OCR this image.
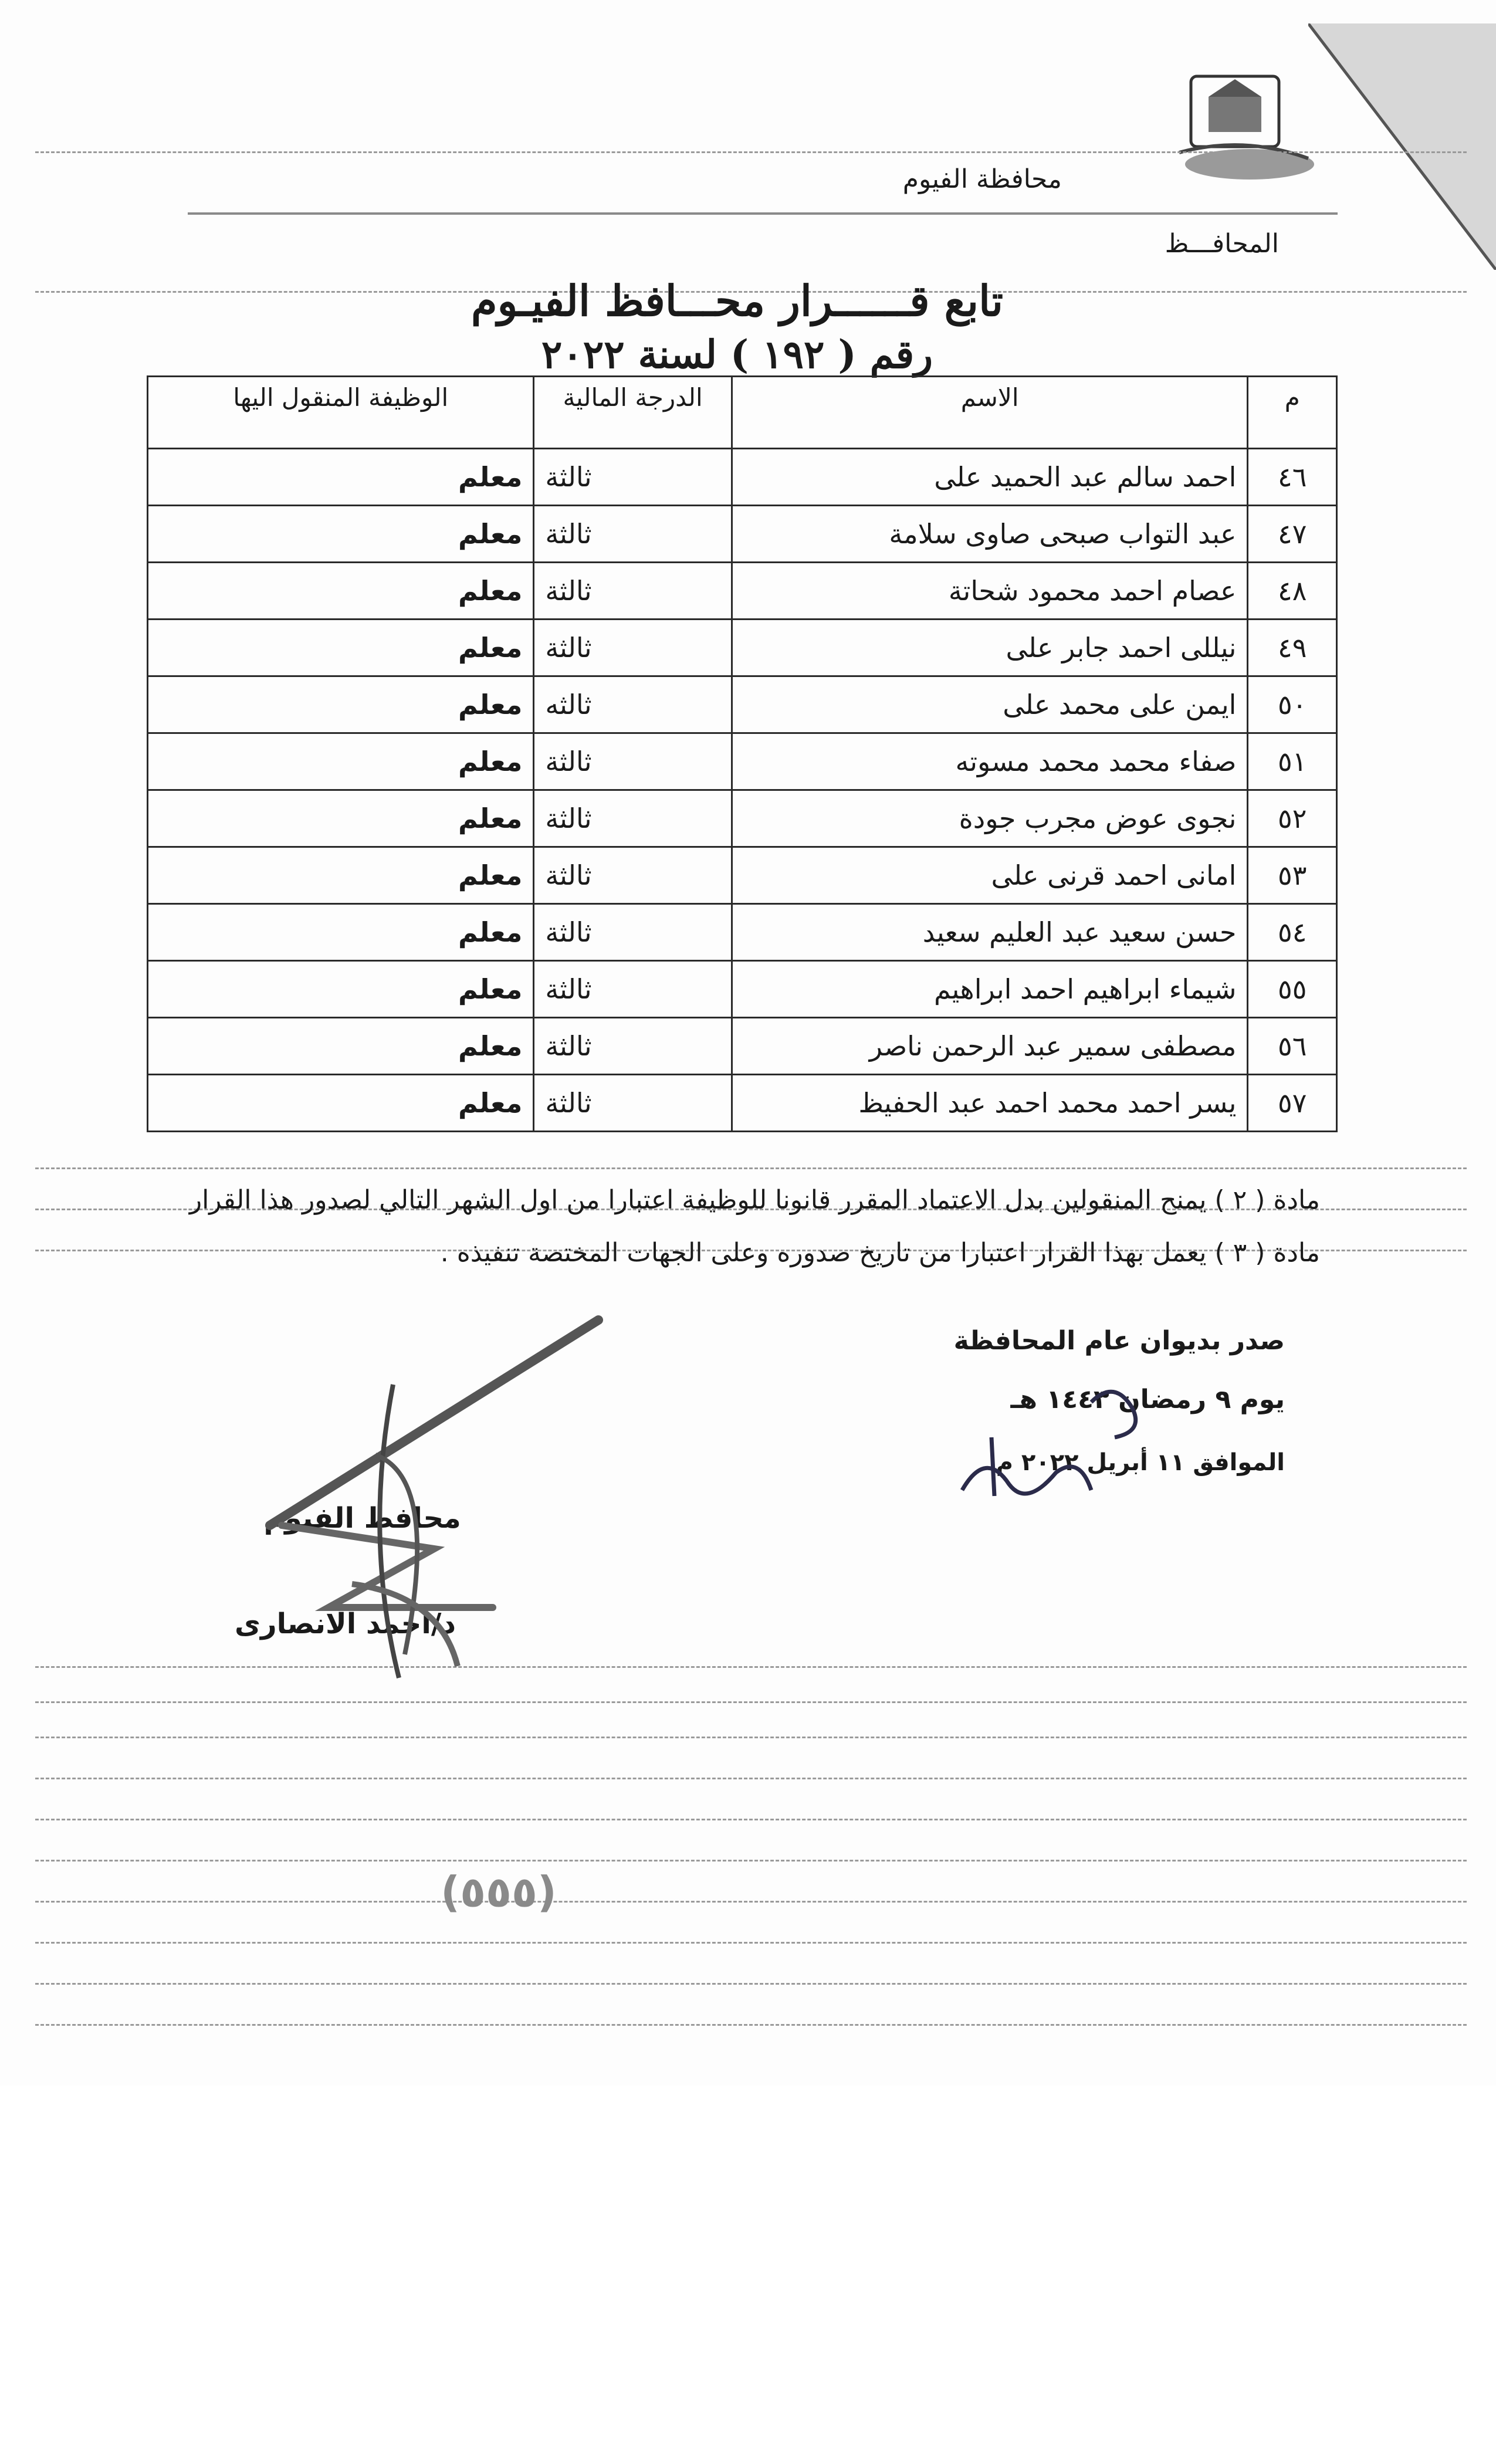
محافظة الفيوم
المحافـــظ
تابع قــــــرار محـــافظ الفيـوم
رقم ( ١٩٢ ) لسنة ٢٠٢٢
م	الاسم	الدرجة المالية	الوظيفة المنقول اليها
٤٦	احمد سالم عبد الحميد على	ثالثة	معلم
٤٧	عبد التواب صبحى صاوى سلامة	ثالثة	معلم
٤٨	عصام احمد محمود شحاتة	ثالثة	معلم
٤٩	نيللى احمد جابر على	ثالثة	معلم
٥٠	ايمن على محمد على	ثالثه	معلم
٥١	صفاء محمد محمد مسوته	ثالثة	معلم
٥٢	نجوى عوض مجرب جودة	ثالثة	معلم
٥٣	امانى احمد قرنى على	ثالثة	معلم
٥٤	حسن سعيد عبد العليم سعيد	ثالثة	معلم
٥٥	شيماء ابراهيم احمد ابراهيم	ثالثة	معلم
٥٦	مصطفى سمير عبد الرحمن ناصر	ثالثة	معلم
٥٧	يسر احمد محمد احمد عبد الحفيظ	ثالثة	معلم
مادة ( ٢ ) يمنح المنقولين بدل الاعتماد المقرر قانونا للوظيفة اعتبارا من اول الشهر التالي لصدور هذا القرار
مادة ( ٣ ) يعمل بهذا القرار اعتبارا من تاريخ صدوره وعلى الجهات المختصة تنفيذه .
صدر بديوان عام المحافظة
يوم ٩ رمضان ١٤٤٣ هـ
الموافق ١١ أبريل ٢٠٢٢ م
محافظ الفيوم
د/احمد الانصارى
(٥٥٥)
